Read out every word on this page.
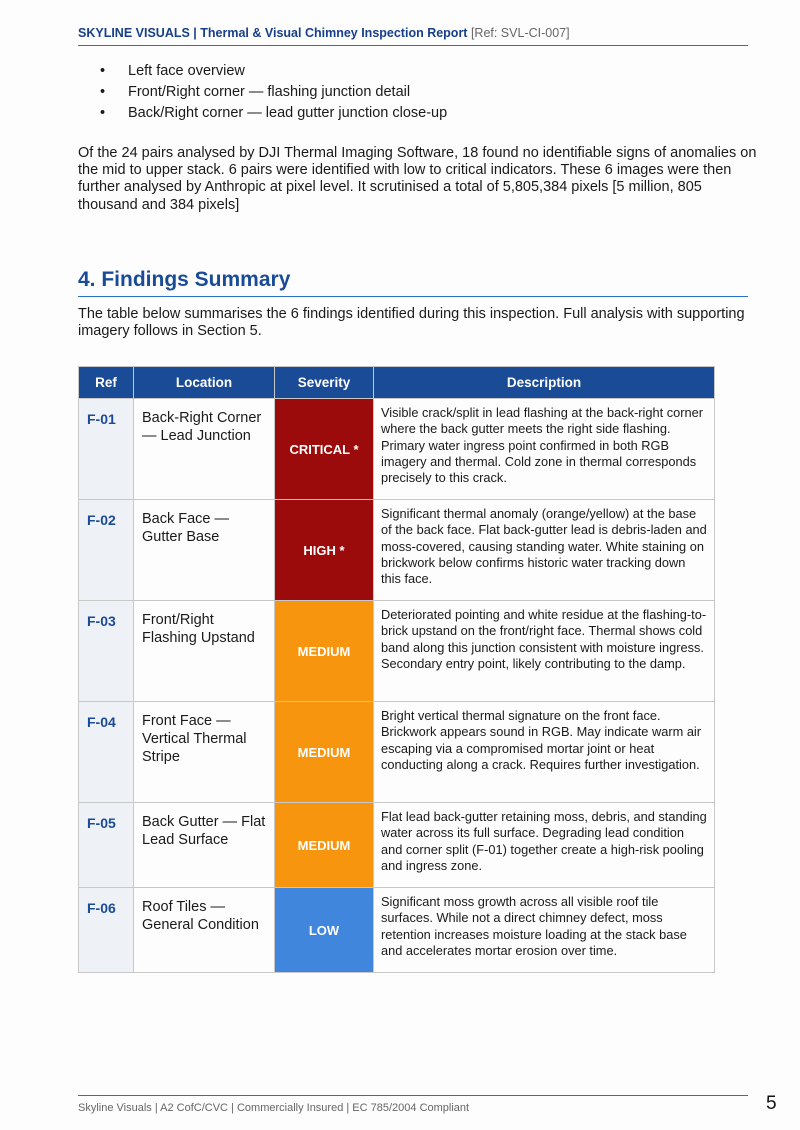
SKYLINE VISUALS | Thermal & Visual Chimney Inspection Report [Ref: SVL-CI-007]
• Left face overview
• Front/Right corner — flashing junction detail
• Back/Right corner — lead gutter junction close-up

Of the 24 pairs analysed by DJI Thermal Imaging Software, 18 found no identifiable signs of anomalies on the mid to upper stack. 6 pairs were identified with low to critical indicators. These 6 images were then further analysed by Anthropic at pixel level. It scrutinised a total of 5,805,384 pixels [5 million, 805 thousand and 384 pixels]

4. Findings Summary

The table below summarises the 6 findings identified during this inspection. Full analysis with supporting imagery follows in Section 5.

Ref	Location	Severity	Description
F-01	Back-Right Corner — Lead Junction	CRITICAL *	Visible crack/split in lead flashing at the back-right corner where the back gutter meets the right side flashing. Primary water ingress point confirmed in both RGB imagery and thermal. Cold zone in thermal corresponds precisely to this crack.
F-02	Back Face — Gutter Base	HIGH *	Significant thermal anomaly (orange/yellow) at the base of the back face. Flat back-gutter lead is debris-laden and moss-covered, causing standing water. White staining on brickwork below confirms historic water tracking down this face.
F-03	Front/Right Flashing Upstand	MEDIUM	Deteriorated pointing and white residue at the flashing-to-brick upstand on the front/right face. Thermal shows cold band along this junction consistent with moisture ingress. Secondary entry point, likely contributing to the damp.
F-04	Front Face — Vertical Thermal Stripe	MEDIUM	Bright vertical thermal signature on the front face. Brickwork appears sound in RGB. May indicate warm air escaping via a compromised mortar joint or heat conducting along a crack. Requires further investigation.
F-05	Back Gutter — Flat Lead Surface	MEDIUM	Flat lead back-gutter retaining moss, debris, and standing water across its full surface. Degrading lead condition and corner split (F-01) together create a high-risk pooling and ingress zone.
F-06	Roof Tiles — General Condition	LOW	Significant moss growth across all visible roof tile surfaces. While not a direct chimney defect, moss retention increases moisture loading at the stack base and accelerates mortar erosion over time.
Skyline Visuals | A2 CofC/CVC | Commercially Insured | EC 785/2004 Compliant	5
